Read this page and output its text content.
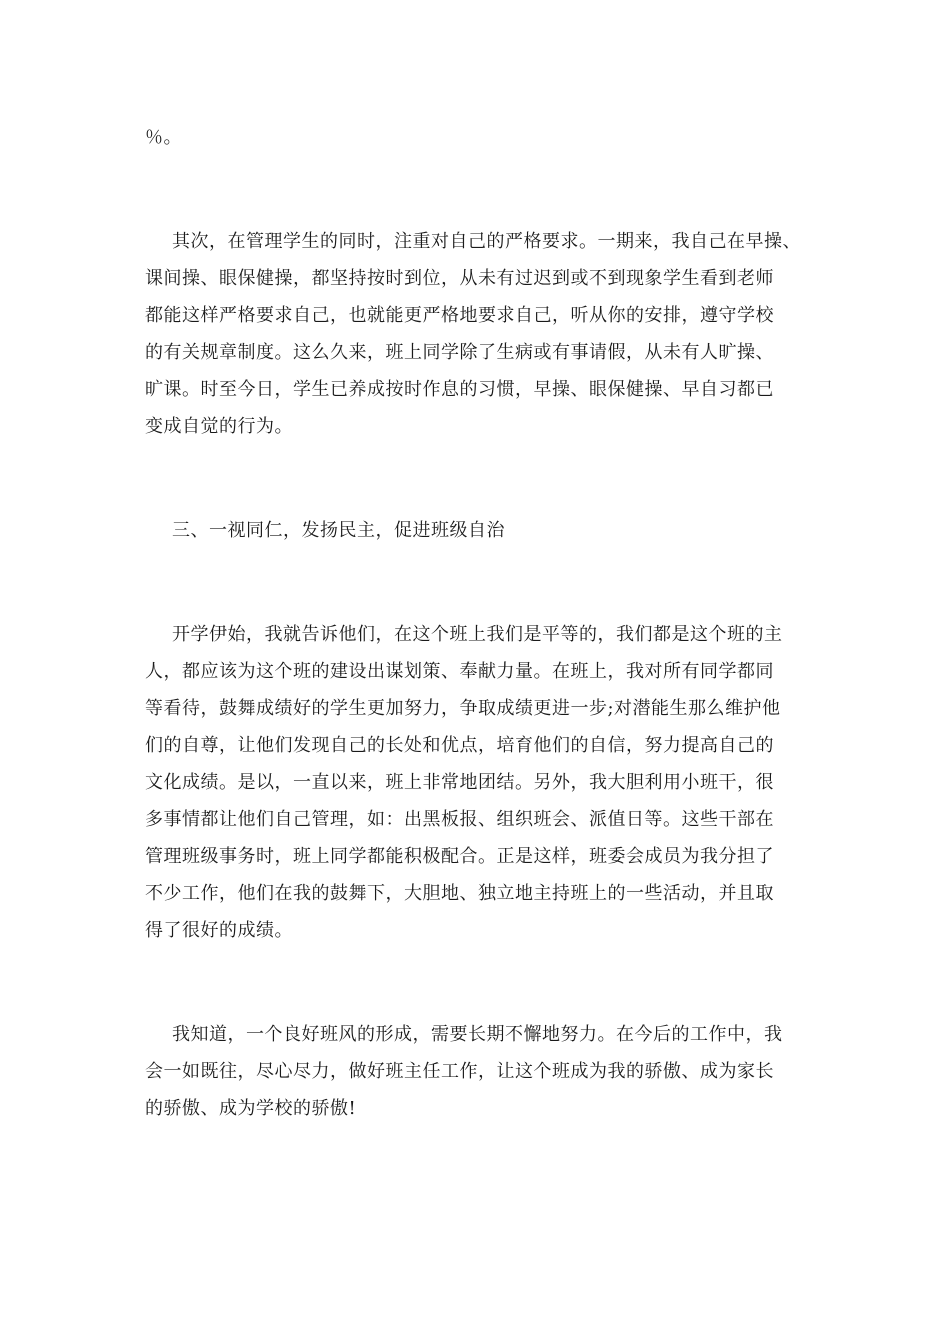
％。
其次，在管理学生的同时，注重对自己的严格要求。一期来，我自己在早操、
课间操、眼保健操，都坚持按时到位，从未有过迟到或不到现象学生看到老师
都能这样严格要求自己，也就能更严格地要求自己，听从你的安排，遵守学校
的有关规章制度。这么久来，班上同学除了生病或有事请假，从未有人旷操、
旷课。时至今日，学生已养成按时作息的习惯，早操、眼保健操、早自习都已
变成自觉的行为。
三、一视同仁，发扬民主，促进班级自治
开学伊始，我就告诉他们，在这个班上我们是平等的，我们都是这个班的主
人，都应该为这个班的建设出谋划策、奉献力量。在班上，我对所有同学都同
等看待，鼓舞成绩好的学生更加努力，争取成绩更进一步;对潜能生那么维护他
们的自尊，让他们发现自己的长处和优点，培育他们的自信，努力提高自己的
文化成绩。是以，一直以来，班上非常地团结。另外，我大胆利用小班干，很
多事情都让他们自己管理，如：出黑板报、组织班会、派值日等。这些干部在
管理班级事务时，班上同学都能积极配合。正是这样，班委会成员为我分担了
不少工作，他们在我的鼓舞下，大胆地、独立地主持班上的一些活动，并且取
得了很好的成绩。
我知道，一个良好班风的形成，需要长期不懈地努力。在今后的工作中，我
会一如既往，尽心尽力，做好班主任工作，让这个班成为我的骄傲、成为家长
的骄傲、成为学校的骄傲!
